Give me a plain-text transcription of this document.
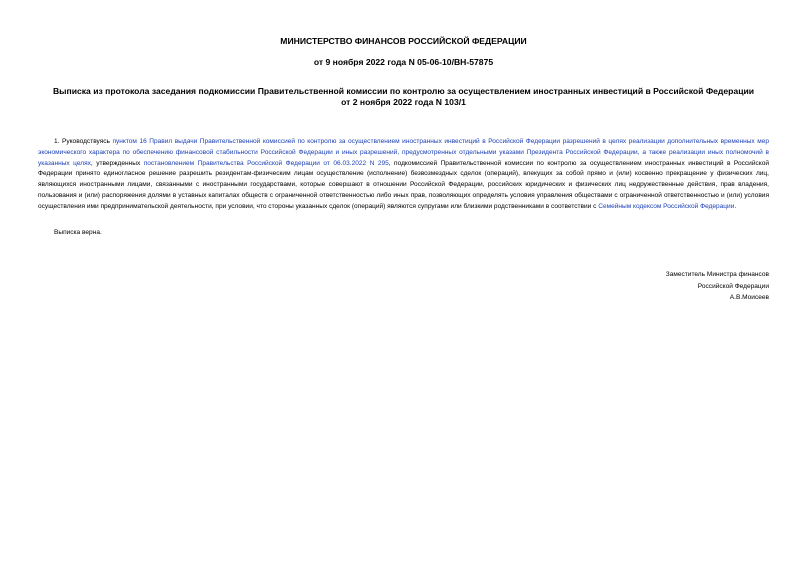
МИНИСТЕРСТВО ФИНАНСОВ РОССИЙСКОЙ ФЕДЕРАЦИИ
от 9 ноября 2022 года N 05-06-10/ВН-57875
Выписка из протокола заседания подкомиссии Правительственной комиссии по контролю за осуществлением иностранных инвестиций в Российской Федерации
от 2 ноября 2022 года N 103/1

1. Руководствуясь пунктом 16 Правил выдачи Правительственной комиссией по контролю за осуществлением иностранных инвестиций в Российской Федерации разрешений в целях реализации дополнительных временных мер экономического характера по обеспечению финансовой стабильности Российской Федерации и иных разрешений, предусмотренных отдельными указами Президента Российской Федерации, а также реализации иных полномочий в указанных целях, утвержденных постановлением Правительства Российской Федерации от 06.03.2022 N 295, подкомиссией Правительственной комиссии по контролю за осуществлением иностранных инвестиций в Российской Федерации принято единогласное решение разрешить резидентам-физическим лицам осуществление (исполнение) безвозмездных сделок (операций), влекущих за собой прямо и (или) косвенно прекращение у физических лиц, являющихся иностранными лицами, связанными с иностранными государствами, которые совершают в отношении Российской Федерации, российских юридических и физических лиц недружественные действия, прав владения, пользования и (или) распоряжения долями в уставных капиталах обществ с ограниченной ответственностью либо иных прав, позволяющих определять условия управления обществами с ограниченной ответственностью и (или) условия осуществления ими предпринимательской деятельности, при условии, что стороны указанных сделок (операций) являются супругами или близкими родственниками в соответствии с Семейным кодексом Российской Федерации.

Выписка верна.
Заместитель Министра финансов
Российской Федерации
А.В.Моисеев
